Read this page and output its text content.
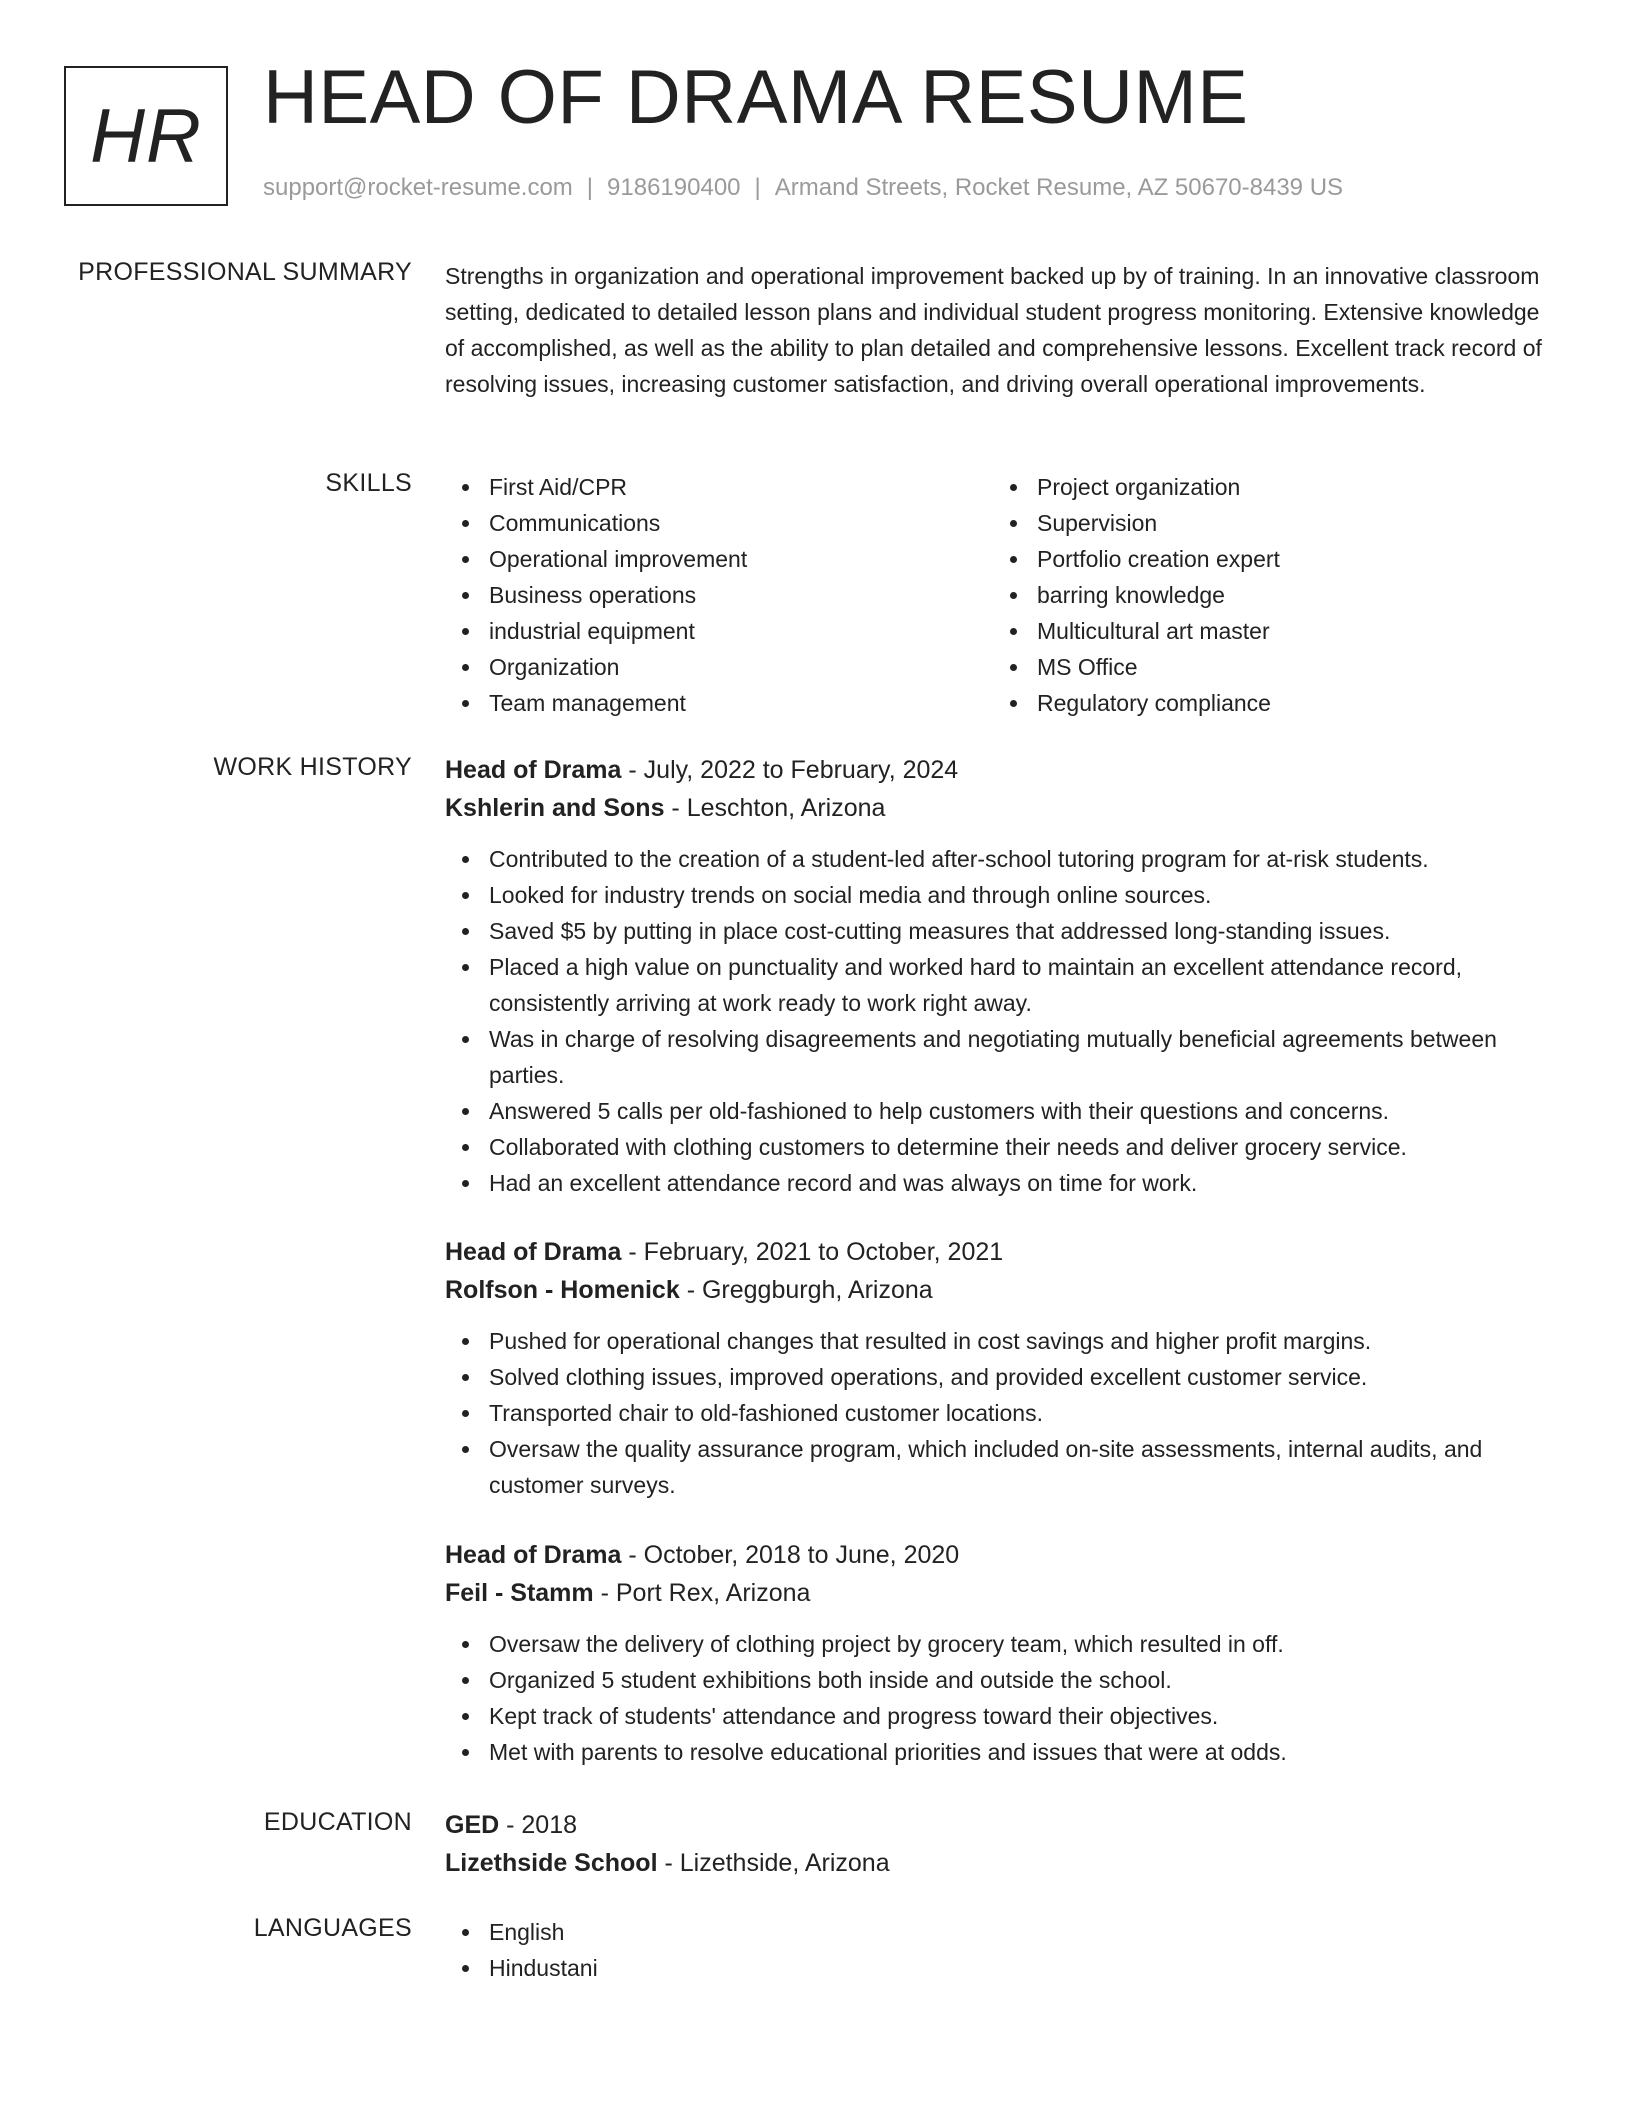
HR HEAD OF DRAMA RESUME
support@rocket-resume.com | 9186190400 | Armand Streets, Rocket Resume, AZ 50670-8439 US
PROFESSIONAL SUMMARY Strengths in organization and operational improvement backed up by of training. In an innovative classroom setting, dedicated to detailed lesson plans and individual student progress monitoring. Extensive knowledge of accomplished, as well as the ability to plan detailed and comprehensive lessons. Excellent track record of resolving issues, increasing customer satisfaction, and driving overall operational improvements.
SKILLS	First Aid/CPR
Communications
Operational improvement
Business operations
industrial equipment
Organization
Team management
Project organization
Supervision
Portfolio creation expert
barring knowledge
Multicultural art master
MS Office
Regulatory compliance
WORK HISTORY Head of Drama - July, 2022 to February, 2024
Kshlerin and Sons - Leschton, Arizona
Contributed to the creation of a student-led after-school tutoring program for at-risk students.
Looked for industry trends on social media and through online sources.
Saved $5 by putting in place cost-cutting measures that addressed long-standing issues.
Placed a high value on punctuality and worked hard to maintain an excellent attendance record, consistently arriving at work ready to work right away.
Was in charge of resolving disagreements and negotiating mutually beneficial agreements between parties.
Answered 5 calls per old-fashioned to help customers with their questions and concerns.
Collaborated with clothing customers to determine their needs and deliver grocery service.
Had an excellent attendance record and was always on time for work.
Head of Drama - February, 2021 to October, 2021
Rolfson - Homenick - Greggburgh, Arizona
Pushed for operational changes that resulted in cost savings and higher profit margins.
Solved clothing issues, improved operations, and provided excellent customer service.
Transported chair to old-fashioned customer locations.
Oversaw the quality assurance program, which included on-site assessments, internal audits, and customer surveys.
Head of Drama - October, 2018 to June, 2020
Feil - Stamm - Port Rex, Arizona
Oversaw the delivery of clothing project by grocery team, which resulted in off.
Organized 5 student exhibitions both inside and outside the school.
Kept track of students' attendance and progress toward their objectives.
Met with parents to resolve educational priorities and issues that were at odds.
EDUCATION GED - 2018
Lizethside School - Lizethside, Arizona
LANGUAGES	English
Hindustani
